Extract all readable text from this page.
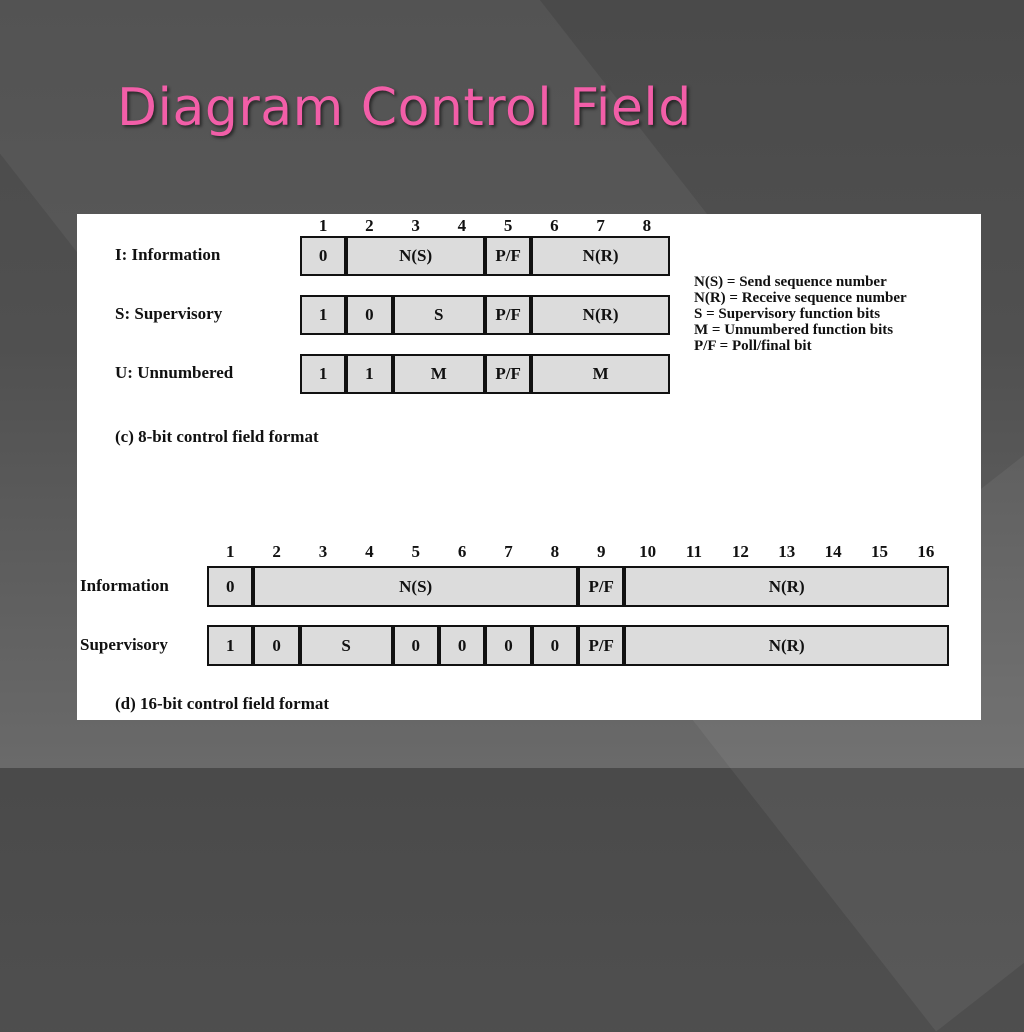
Diagram Control Field
1 2 3 4 5 6 7 8
I: Information	0	N(S)	P/F	N(R)
S: Supervisory	1	0	S	P/F	N(R)
U: Unnumbered	1	1	M	P/F	M
(c) 8-bit control field format
N(S) = Send sequence number
N(R) = Receive sequence number
S = Supervisory function bits
M = Unnumbered function bits
P/F = Poll/final bit
1 2 3 4 5 6 7 8 9 10 11 12 13 14 15 16
Information	0	N(S)	P/F	N(R)
Supervisory	1	0	S	0	0	0	0	P/F	N(R)
(d) 16-bit control field format
